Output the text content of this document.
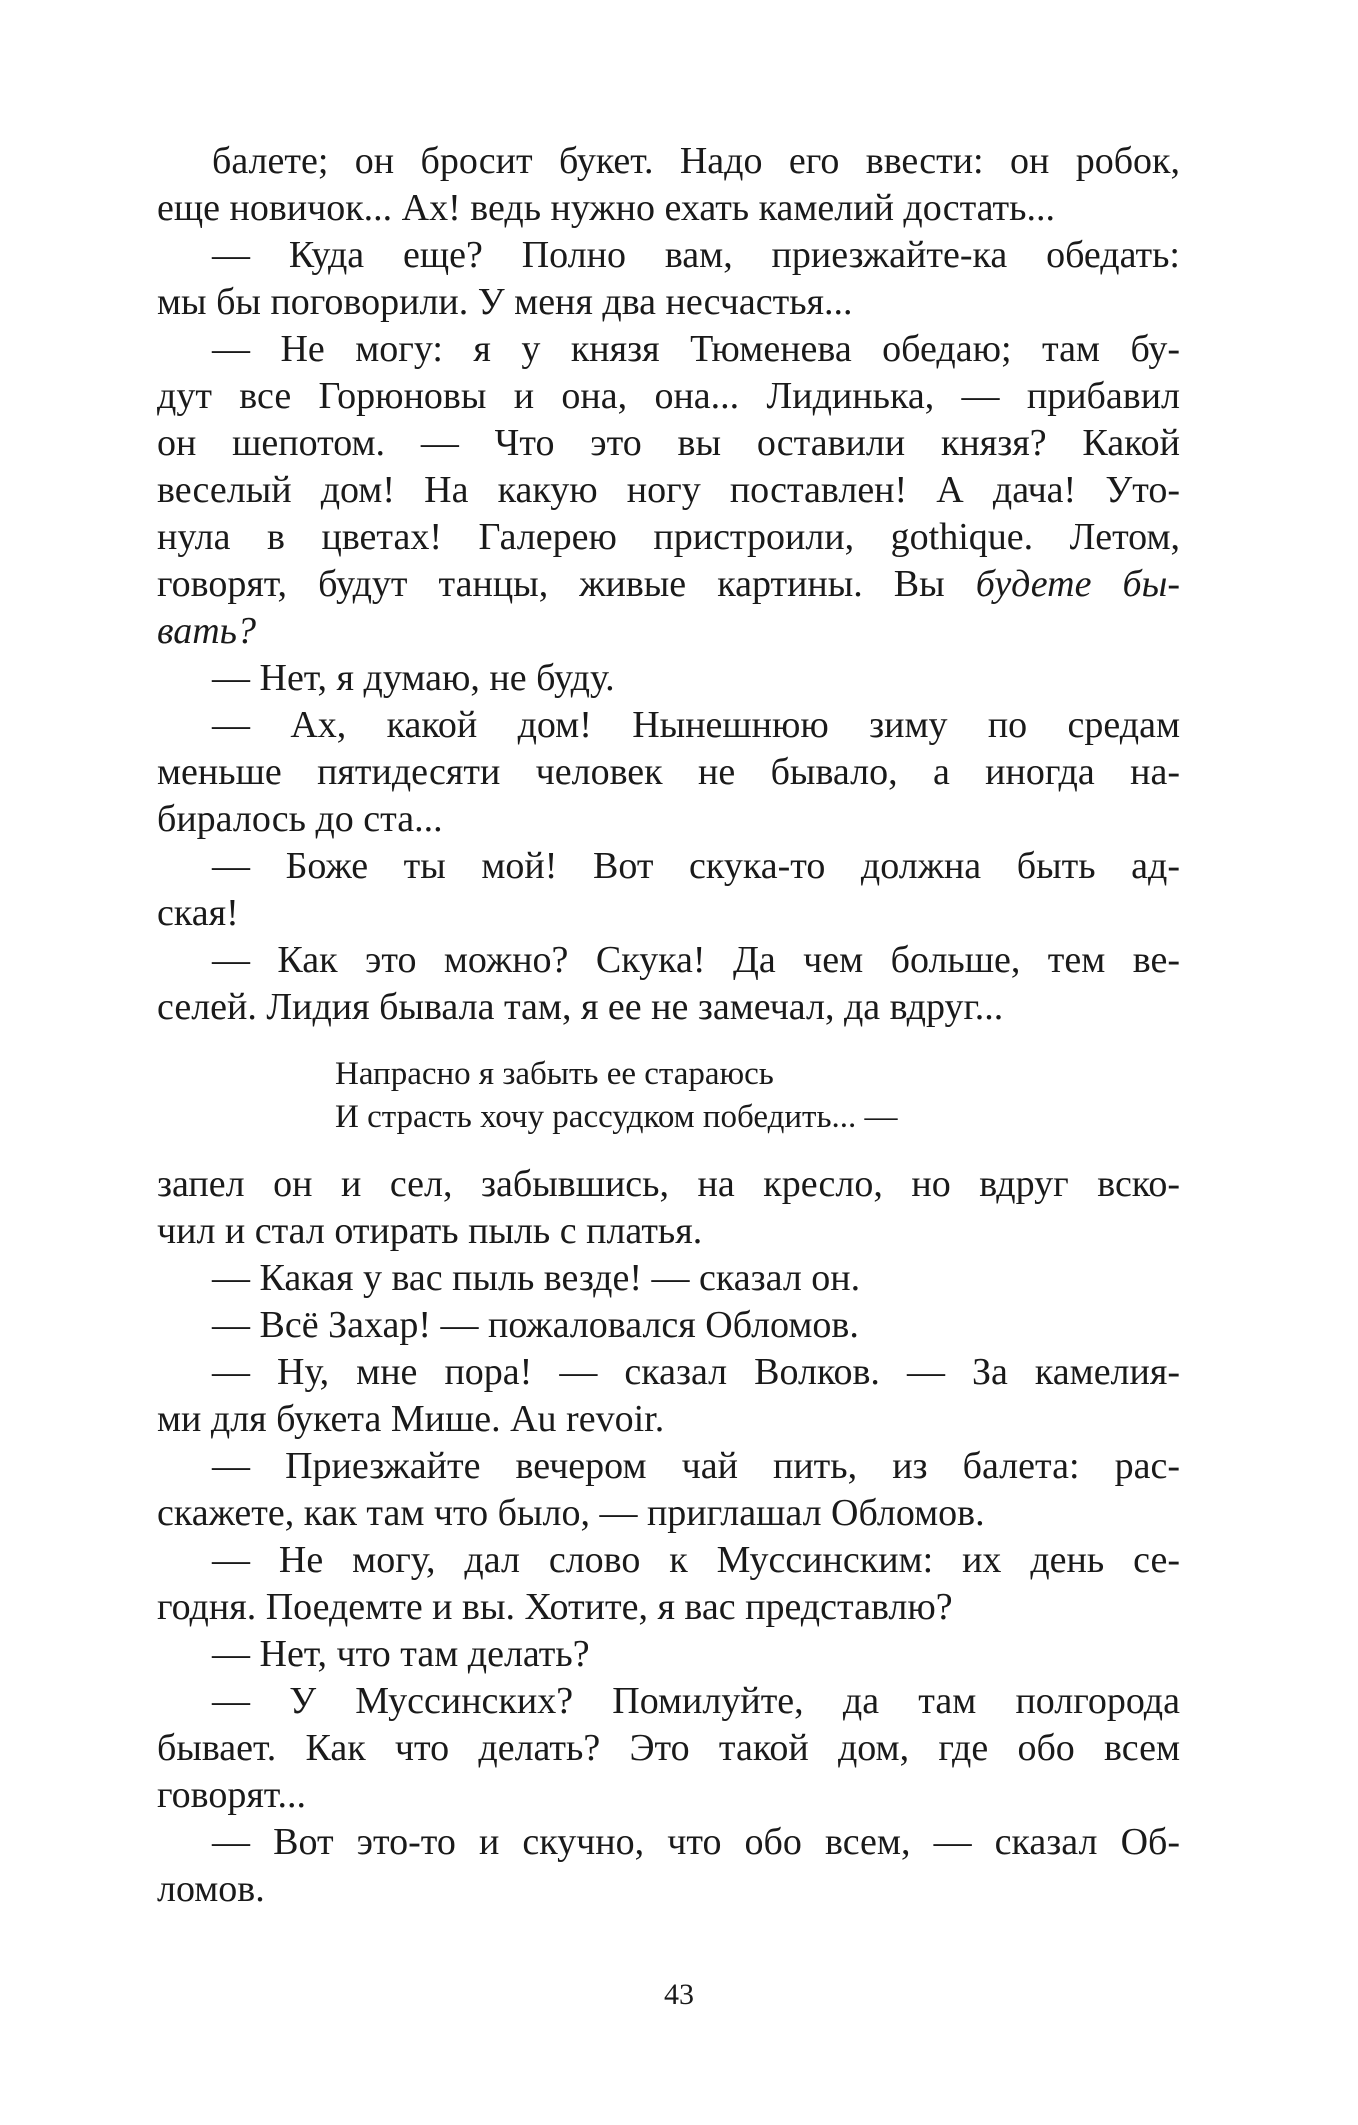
балете; он бросит букет. Надо его ввести: он робок,
еще новичок... Ах! ведь нужно ехать камелий достать...
— Куда еще? Полно вам, приезжайте-ка обедать:
мы бы поговорили. У меня два несчастья...
— Не могу: я у князя Тюменева обедаю; там бу-
дут все Горюновы и она, она... Лидинька, — прибавил
он шепотом. — Что это вы оставили князя? Какой
веселый дом! На какую ногу поставлен! А дача! Уто-
нула в цветах! Галерею пристроили, gothique. Летом,
говорят, будут танцы, живые картины. Вы будете бы-
вать?
— Нет, я думаю, не буду.
— Ах, какой дом! Нынешнюю зиму по средам
меньше пятидесяти человек не бывало, а иногда на-
биралось до ста...
— Боже ты мой! Вот скука-то должна быть ад-
ская!
— Как это можно? Скука! Да чем больше, тем ве-
селей. Лидия бывала там, я ее не замечал, да вдруг...
Напрасно я забыть ее стараюсь
И страсть хочу рассудком победить... —
запел он и сел, забывшись, на кресло, но вдруг вско-
чил и стал отирать пыль с платья.
— Какая у вас пыль везде! — сказал он.
— Всё Захар! — пожаловался Обломов.
— Ну, мне пора! — сказал Волков. — За камелия-
ми для букета Мише. Au revoir.
— Приезжайте вечером чай пить, из балета: рас-
скажете, как там что было, — приглашал Обломов.
— Не могу, дал слово к Муссинским: их день се-
годня. Поедемте и вы. Хотите, я вас представлю?
— Нет, что там делать?
— У Муссинских? Помилуйте, да там полгорода
бывает. Как что делать? Это такой дом, где обо всем
говорят...
— Вот это-то и скучно, что обо всем, — сказал Об-
ломов.
43
